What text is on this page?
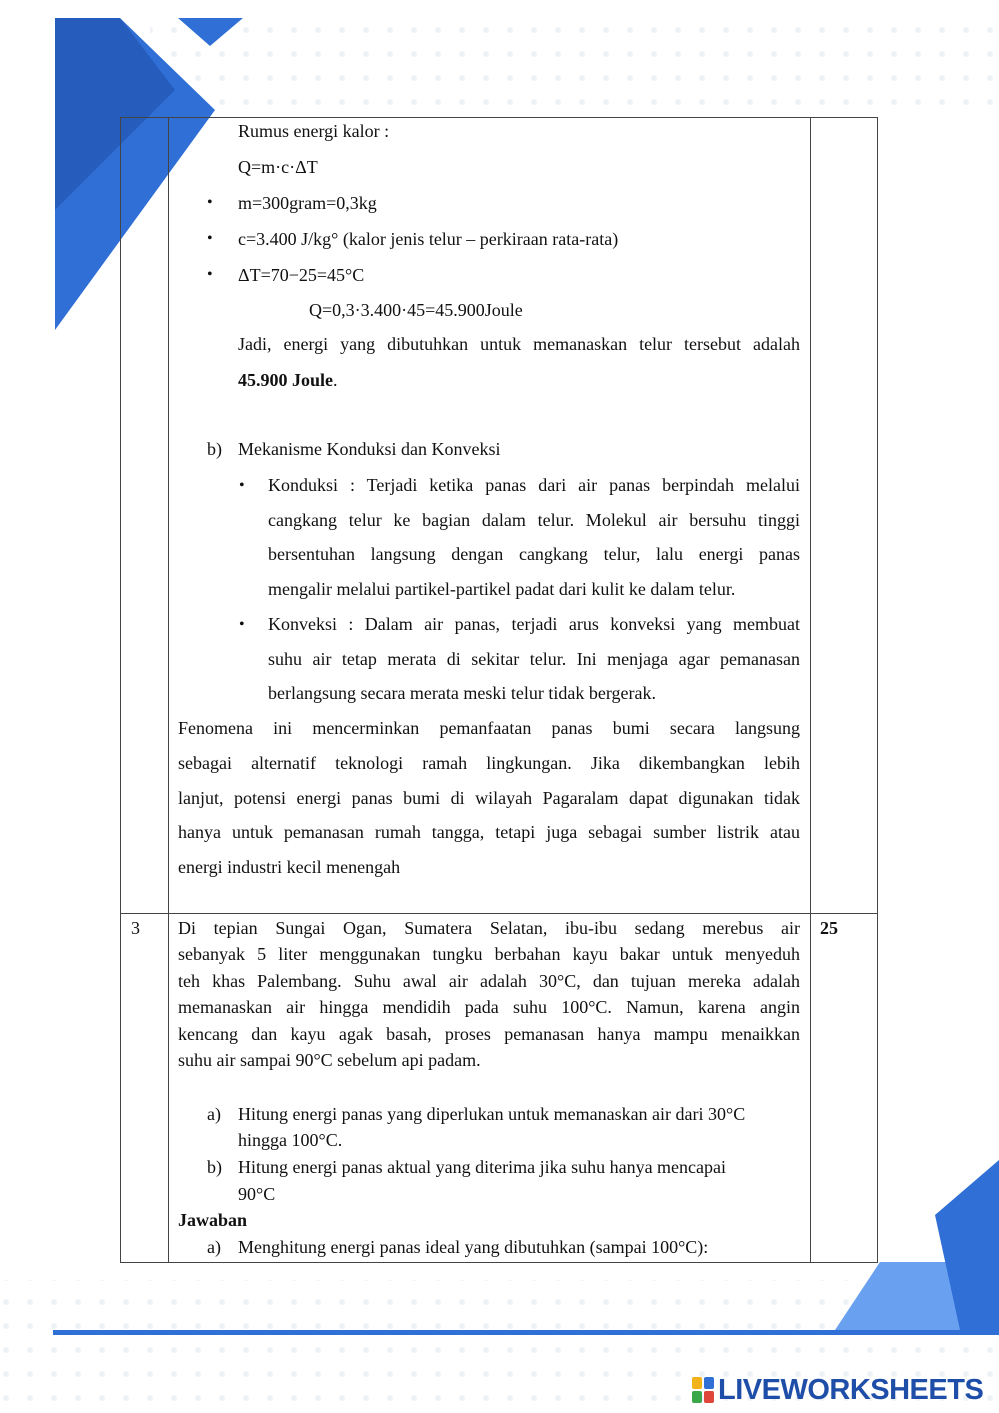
Rumus energi kalor :
Q=m·c·ΔT
• m=300gram=0,3kg
• c=3.400 J/kg° (kalor jenis telur – perkiraan rata-rata)
• ΔT=70−25=45°C
Q=0,3·3.400·45=45.900Joule
Jadi, energi yang dibutuhkan untuk memanaskan telur tersebut adalah
45.900 Joule.
b) Mekanisme Konduksi dan Konveksi
• Konduksi : Terjadi ketika panas dari air panas berpindah melalui
cangkang telur ke bagian dalam telur. Molekul air bersuhu tinggi
bersentuhan langsung dengan cangkang telur, lalu energi panas
mengalir melalui partikel-partikel padat dari kulit ke dalam telur.
• Konveksi : Dalam air panas, terjadi arus konveksi yang membuat
suhu air tetap merata di sekitar telur. Ini menjaga agar pemanasan
berlangsung secara merata meski telur tidak bergerak.
Fenomena ini mencerminkan pemanfaatan panas bumi secara langsung
sebagai alternatif teknologi ramah lingkungan. Jika dikembangkan lebih
lanjut, potensi energi panas bumi di wilayah Pagaralam dapat digunakan tidak
hanya untuk pemanasan rumah tangga, tetapi juga sebagai sumber listrik atau
energi industri kecil menengah
3	25
Di tepian Sungai Ogan, Sumatera Selatan, ibu-ibu sedang merebus air
sebanyak 5 liter menggunakan tungku berbahan kayu bakar untuk menyeduh
teh khas Palembang. Suhu awal air adalah 30°C, dan tujuan mereka adalah
memanaskan air hingga mendidih pada suhu 100°C. Namun, karena angin
kencang dan kayu agak basah, proses pemanasan hanya mampu menaikkan
suhu air sampai 90°C sebelum api padam.
a) Hitung energi panas yang diperlukan untuk memanaskan air dari 30°C
hingga 100°C.
b) Hitung energi panas aktual yang diterima jika suhu hanya mencapai
90°C
Jawaban
a) Menghitung energi panas ideal yang dibutuhkan (sampai 100°C):
LIVEWORKSHEETS
